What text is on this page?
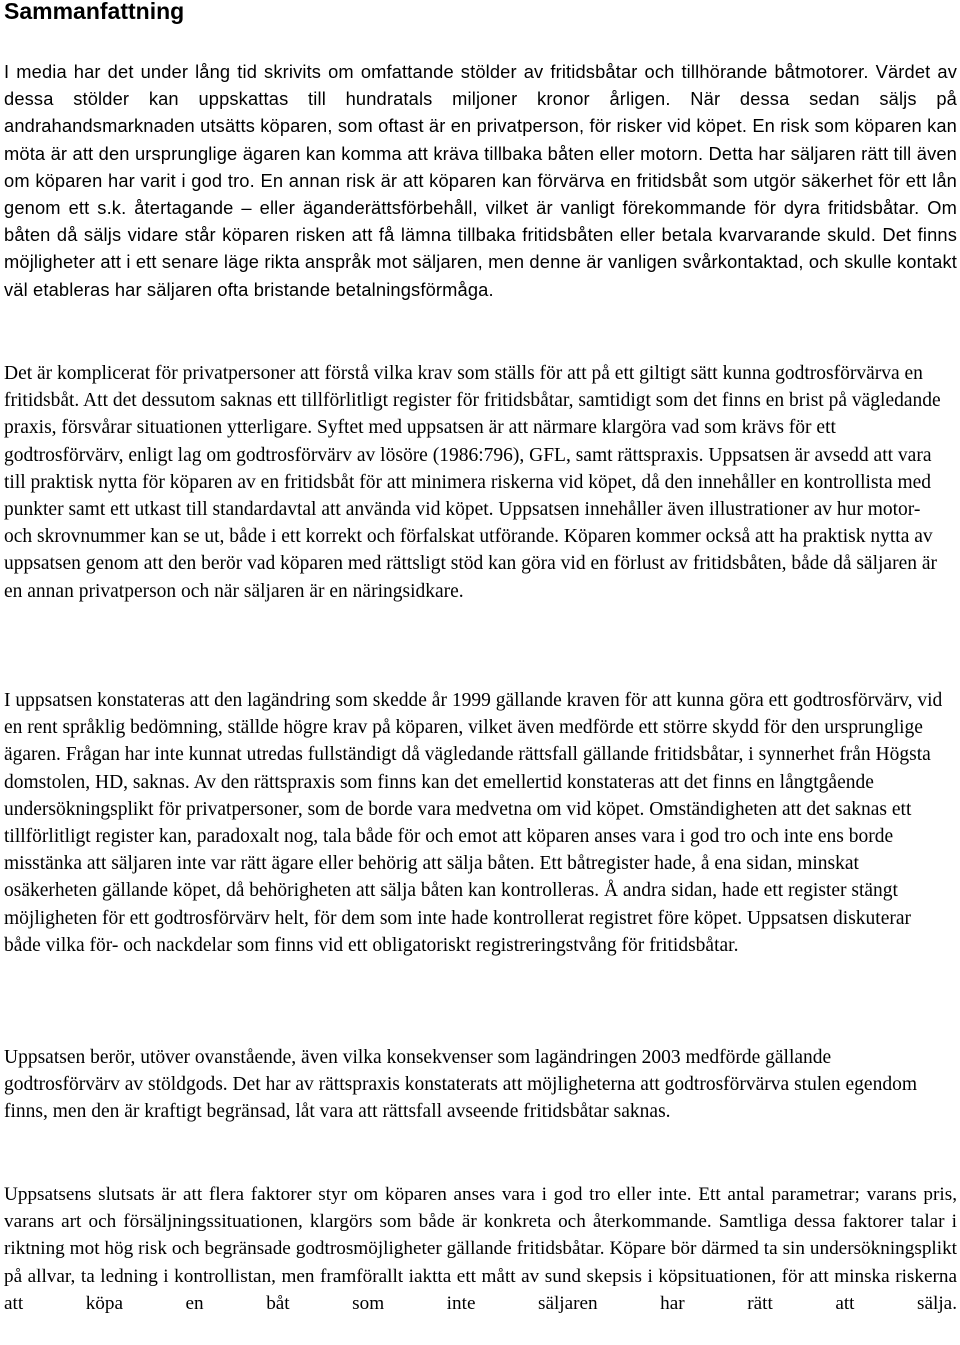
Sammanfattning

I media har det under lång tid skrivits om omfattande stölder av fritidsbåtar och tillhörande båtmotorer. Värdet av dessa stölder kan uppskattas till hundratals miljoner kronor årligen. När dessa sedan säljs på andrahandsmarknaden utsätts köparen, som oftast är en privatperson, för risker vid köpet. En risk som köparen kan möta är att den ursprunglige ägaren kan komma att kräva tillbaka båten eller motorn. Detta har säljaren rätt till även om köparen har varit i god tro. En annan risk är att köparen kan förvärva en fritidsbåt som utgör säkerhet för ett lån genom ett s.k. återtagande – eller äganderättsförbehåll, vilket är vanligt förekommande för dyra fritidsbåtar. Om båten då säljs vidare står köparen risken att få lämna tillbaka fritidsbåten eller betala kvarvarande skuld. Det finns möjligheter att i ett senare läge rikta anspråk mot säljaren, men denne är vanligen svårkontaktad, och skulle kontakt väl etableras har säljaren ofta bristande betalningsförmåga.

Det är komplicerat för privatpersoner att förstå vilka krav som ställs för att på ett giltigt sätt kunna godtrosförvärva en fritidsbåt. Att det dessutom saknas ett tillförlitligt register för fritidsbåtar, samtidigt som det finns en brist på vägledande praxis, försvårar situationen ytterligare. Syftet med uppsatsen är att närmare klargöra vad som krävs för ett godtrosförvärv, enligt lag om godtrosförvärv av lösöre (1986:796), GFL, samt rättspraxis. Uppsatsen är avsedd att vara till praktisk nytta för köparen av en fritidsbåt för att minimera riskerna vid köpet, då den innehåller en kontrollista med punkter samt ett utkast till standardavtal att använda vid köpet. Uppsatsen innehåller även illustrationer av hur motor- och skrovnummer kan se ut, både i ett korrekt och förfalskat utförande. Köparen kommer också att ha praktisk nytta av uppsatsen genom att den berör vad köparen med rättsligt stöd kan göra vid en förlust av fritidsbåten, både då säljaren är en annan privatperson och när säljaren är en näringsidkare.

I uppsatsen konstateras att den lagändring som skedde år 1999 gällande kraven för att kunna göra ett godtrosförvärv, vid en rent språklig bedömning, ställde högre krav på köparen, vilket även medförde ett större skydd för den ursprunglige ägaren. Frågan har inte kunnat utredas fullständigt då vägledande rättsfall gällande fritidsbåtar, i synnerhet från Högsta domstolen, HD, saknas. Av den rättspraxis som finns kan det emellertid konstateras att det finns en långtgående undersökningsplikt för privatpersoner, som de borde vara medvetna om vid köpet. Omständigheten att det saknas ett tillförlitligt register kan, paradoxalt nog, tala både för och emot att köparen anses vara i god tro och inte ens borde misstänka att säljaren inte var rätt ägare eller behörig att sälja båten. Ett båtregister hade, å ena sidan, minskat osäkerheten gällande köpet, då behörigheten att sälja båten kan kontrolleras. Å andra sidan, hade ett register stängt möjligheten för ett godtrosförvärv helt, för dem som inte hade kontrollerat registret före köpet. Uppsatsen diskuterar både vilka för- och nackdelar som finns vid ett obligatoriskt registreringstvång för fritidsbåtar.

Uppsatsen berör, utöver ovanstående, även vilka konsekvenser som lagändringen 2003 medförde gällande godtrosförvärv av stöldgods. Det har av rättspraxis konstaterats att möjligheterna att godtrosförvärva stulen egendom finns, men den är kraftigt begränsad, låt vara att rättsfall avseende fritidsbåtar saknas.

Uppsatsens slutsats är att flera faktorer styr om köparen anses vara i god tro eller inte. Ett antal parametrar; varans pris, varans art och försäljningssituationen, klargörs som både är konkreta och återkommande. Samtliga dessa faktorer talar i riktning mot hög risk och begränsade godtrosmöjligheter gällande fritidsbåtar. Köpare bör därmed ta sin undersökningsplikt på allvar, ta ledning i kontrollistan, men framförallt iaktta ett mått av sund skepsis i köpsituationen, för att minska riskerna att köpa en båt som inte säljaren har rätt att sälja.
